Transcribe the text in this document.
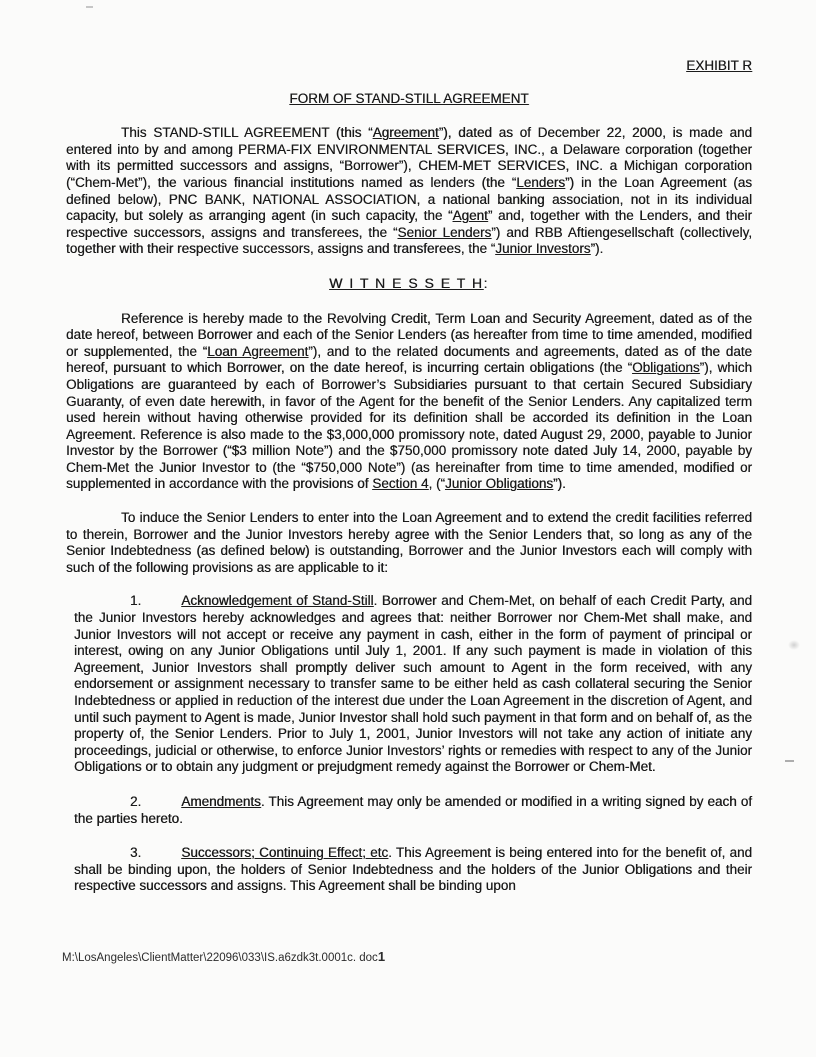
EXHIBIT R
FORM OF STAND-STILL AGREEMENT

This STAND-STILL AGREEMENT (this “Agreement”), dated as of December 22, 2000, is made and entered into by and among PERMA-FIX ENVIRONMENTAL SERVICES, INC., a Delaware corporation (together with its permitted successors and assigns, “Borrower”), CHEM-MET SERVICES, INC. a Michigan corporation (“Chem-Met”), the various financial institutions named as lenders (the “Lenders”) in the Loan Agreement (as defined below), PNC BANK, NATIONAL ASSOCIATION, a national banking association, not in its individual capacity, but solely as arranging agent (in such capacity, the “Agent” and, together with the Lenders, and their respective successors, assigns and transferees, the “Senior Lenders”) and RBB Aftiengesellschaft (collectively, together with their respective successors, assigns and transferees, the “Junior Investors”).

W I T N E S S E T H:

Reference is hereby made to the Revolving Credit, Term Loan and Security Agreement, dated as of the date hereof, between Borrower and each of the Senior Lenders (as hereafter from time to time amended, modified or supplemented, the “Loan Agreement”), and to the related documents and agreements, dated as of the date hereof, pursuant to which Borrower, on the date hereof, is incurring certain obligations (the “Obligations”), which Obligations are guaranteed by each of Borrower’s Subsidiaries pursuant to that certain Secured Subsidiary Guaranty, of even date herewith, in favor of the Agent for the benefit of the Senior Lenders. Any capitalized term used herein without having otherwise provided for its definition shall be accorded its definition in the Loan Agreement. Reference is also made to the $3,000,000 promissory note, dated August 29, 2000, payable to Junior Investor by the Borrower (“$3 million Note”) and the $750,000 promissory note dated July 14, 2000, payable by Chem-Met the Junior Investor to (the “$750,000 Note”) (as hereinafter from time to time amended, modified or supplemented in accordance with the provisions of Section 4, (“Junior Obligations”).

To induce the Senior Lenders to enter into the Loan Agreement and to extend the credit facilities referred to therein, Borrower and the Junior Investors hereby agree with the Senior Lenders that, so long as any of the Senior Indebtedness (as defined below) is outstanding, Borrower and the Junior Investors each will comply with such of the following provisions as are applicable to it:

1.	Acknowledgement of Stand-Still. Borrower and Chem-Met, on behalf of each Credit Party, and the Junior Investors hereby acknowledges and agrees that: neither Borrower nor Chem-Met shall make, and Junior Investors will not accept or receive any payment in cash, either in the form of payment of principal or interest, owing on any Junior Obligations until July 1, 2001. If any such payment is made in violation of this Agreement, Junior Investors shall promptly deliver such amount to Agent in the form received, with any endorsement or assignment necessary to transfer same to be either held as cash collateral securing the Senior Indebtedness or applied in reduction of the interest due under the Loan Agreement in the discretion of Agent, and until such payment to Agent is made, Junior Investor shall hold such payment in that form and on behalf of, as the property of, the Senior Lenders. Prior to July 1, 2001, Junior Investors will not take any action of initiate any proceedings, judicial or otherwise, to enforce Junior Investors’ rights or remedies with respect to any of the Junior Obligations or to obtain any judgment or prejudgment remedy against the Borrower or Chem-Met.

2.	Amendments. This Agreement may only be amended or modified in a writing signed by each of the parties hereto.

3.	Successors; Continuing Effect; etc. This Agreement is being entered into for the benefit of, and shall be binding upon, the holders of Senior Indebtedness and the holders of the Junior Obligations and their respective successors and assigns. This Agreement shall be binding upon

M:\LosAngeles\ClientMatter\22096\033\IS.a6zdk3t.0001c. doc1
